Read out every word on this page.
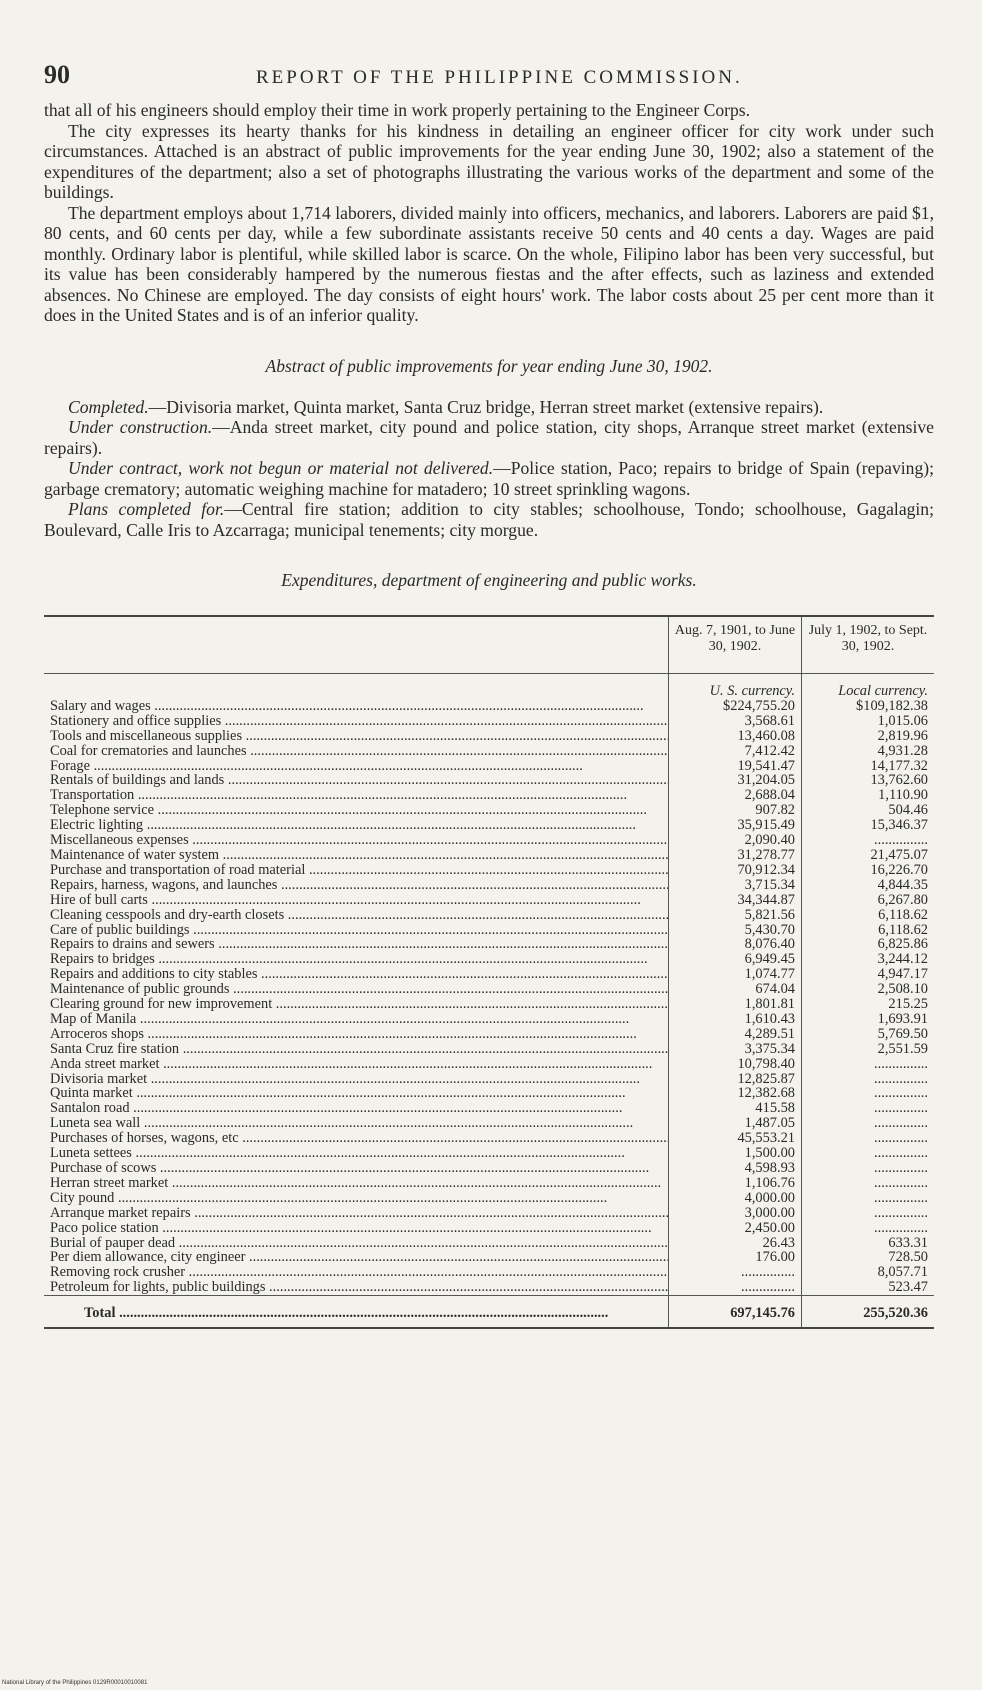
90	REPORT OF THE PHILIPPINE COMMISSION.

that all of his engineers should employ their time in work properly pertaining to the Engineer Corps.

The city expresses its hearty thanks for his kindness in detailing an engineer officer for city work under such circumstances. Attached is an abstract of public improvements for the year ending June 30, 1902; also a statement of the expenditures of the department; also a set of photographs illustrating the various works of the department and some of the buildings.

The department employs about 1,714 laborers, divided mainly into officers, mechanics, and laborers. Laborers are paid $1, 80 cents, and 60 cents per day, while a few subordinate assistants receive 50 cents and 40 cents a day. Wages are paid monthly. Ordinary labor is plentiful, while skilled labor is scarce. On the whole, Filipino labor has been very successful, but its value has been considerably hampered by the numerous fiestas and the after effects, such as laziness and extended absences. No Chinese are employed. The day consists of eight hours' work. The labor costs about 25 per cent more than it does in the United States and is of an inferior quality.

Abstract of public improvements for year ending June 30, 1902.

Completed.—Divisoria market, Quinta market, Santa Cruz bridge, Herran street market (extensive repairs).

Under construction.—Anda street market, city pound and police station, city shops, Arranque street market (extensive repairs).

Under contract, work not begun or material not delivered.—Police station, Paco; repairs to bridge of Spain (repaving); garbage crematory; automatic weighing machine for matadero; 10 street sprinkling wagons.

Plans completed for.—Central fire station; addition to city stables; schoolhouse, Tondo; schoolhouse, Gagalagin; Boulevard, Calle Iris to Azcarraga; municipal tenements; city morgue.

Expenditures, department of engineering and public works.
	Aug. 7, 1901, to June 30, 1902.	July 1, 1902, to Sept. 30, 1902.
	U. S. currency.	Local currency.
Salary and wages .....	$224,755.20	$109,182.38
Stationery and office supplies .....	3,568.61	1,015.06
Tools and miscellaneous supplies .....	13,460.08	2,819.96
Coal for crematories and launches .....	7,412.42	4,931.28
Forage .....	19,541.47	14,177.32
Rentals of buildings and lands .....	31,204.05	13,762.60
Transportation .....	2,688.04	1,110.90
Telephone service .....	907.82	504.46
Electric lighting .....	35,915.49	15,346.37
Miscellaneous expenses .....	2,090.40	...............
Maintenance of water system .....	31,278.77	21,475.07
Purchase and transportation of road material .....	70,912.34	16,226.70
Repairs, harness, wagons, and launches .....	3,715.34	4,844.35
Hire of bull carts .....	34,344.87	6,267.80
Cleaning cesspools and dry-earth closets .....	5,821.56	6,118.62
Care of public buildings .....	5,430.70	6,118.62
Repairs to drains and sewers .....	8,076.40	6,825.86
Repairs to bridges .....	6,949.45	3,244.12
Repairs and additions to city stables .....	1,074.77	4,947.17
Maintenance of public grounds .....	674.04	2,508.10
Clearing ground for new improvement .....	1,801.81	215.25
Map of Manila .....	1,610.43	1,693.91
Arroceros shops .....	4,289.51	5,769.50
Santa Cruz fire station .....	3,375.34	2,551.59
Anda street market .....	10,798.40	...............
Divisoria market .....	12,825.87	...............
Quinta market .....	12,382.68	...............
Santalon road .....	415.58	...............
Luneta sea wall .....	1,487.05	...............
Purchases of horses, wagons, etc .....	45,553.21	...............
Luneta settees .....	1,500.00	...............
Purchase of scows .....	4,598.93	...............
Herran street market .....	1,106.76	...............
City pound .....	4,000.00	...............
Arranque market repairs .....	3,000.00	...............
Paco police station .....	2,450.00	...............
Burial of pauper dead .....	26.43	633.31
Per diem allowance, city engineer .....	176.00	728.50
Removing rock crusher .....	...............	8,057.71
Petroleum for lights, public buildings .....	...............	523.47
Total .....	697,145.76	255,520.36
National Library of the Philippines 0129R00010010081
